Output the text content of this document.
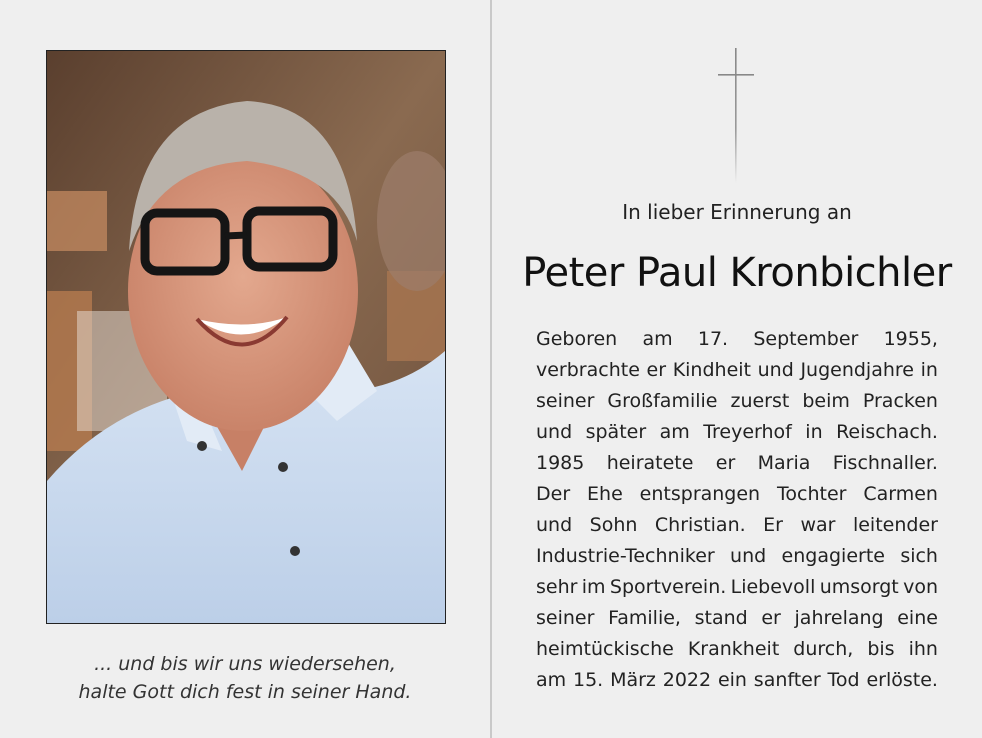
... und bis wir uns wiedersehen,
halte Gott dich fest in seiner Hand.
In lieber Erinnerung an
Peter Paul Kronbichler
Geboren am 17. September 1955,
verbrachte er Kindheit und Jugendjahre in
seiner Großfamilie zuerst beim Pracken
und später am Treyerhof in Reischach.
1985 heiratete er Maria Fischnaller.
Der Ehe entsprangen Tochter Carmen
und Sohn Christian. Er war leitender
Industrie-Techniker und engagierte sich
sehr im Sportverein. Liebevoll umsorgt von
seiner Familie, stand er jahrelang eine
heimtückische Krankheit durch, bis ihn
am 15. März 2022 ein sanfter Tod erlöste.
